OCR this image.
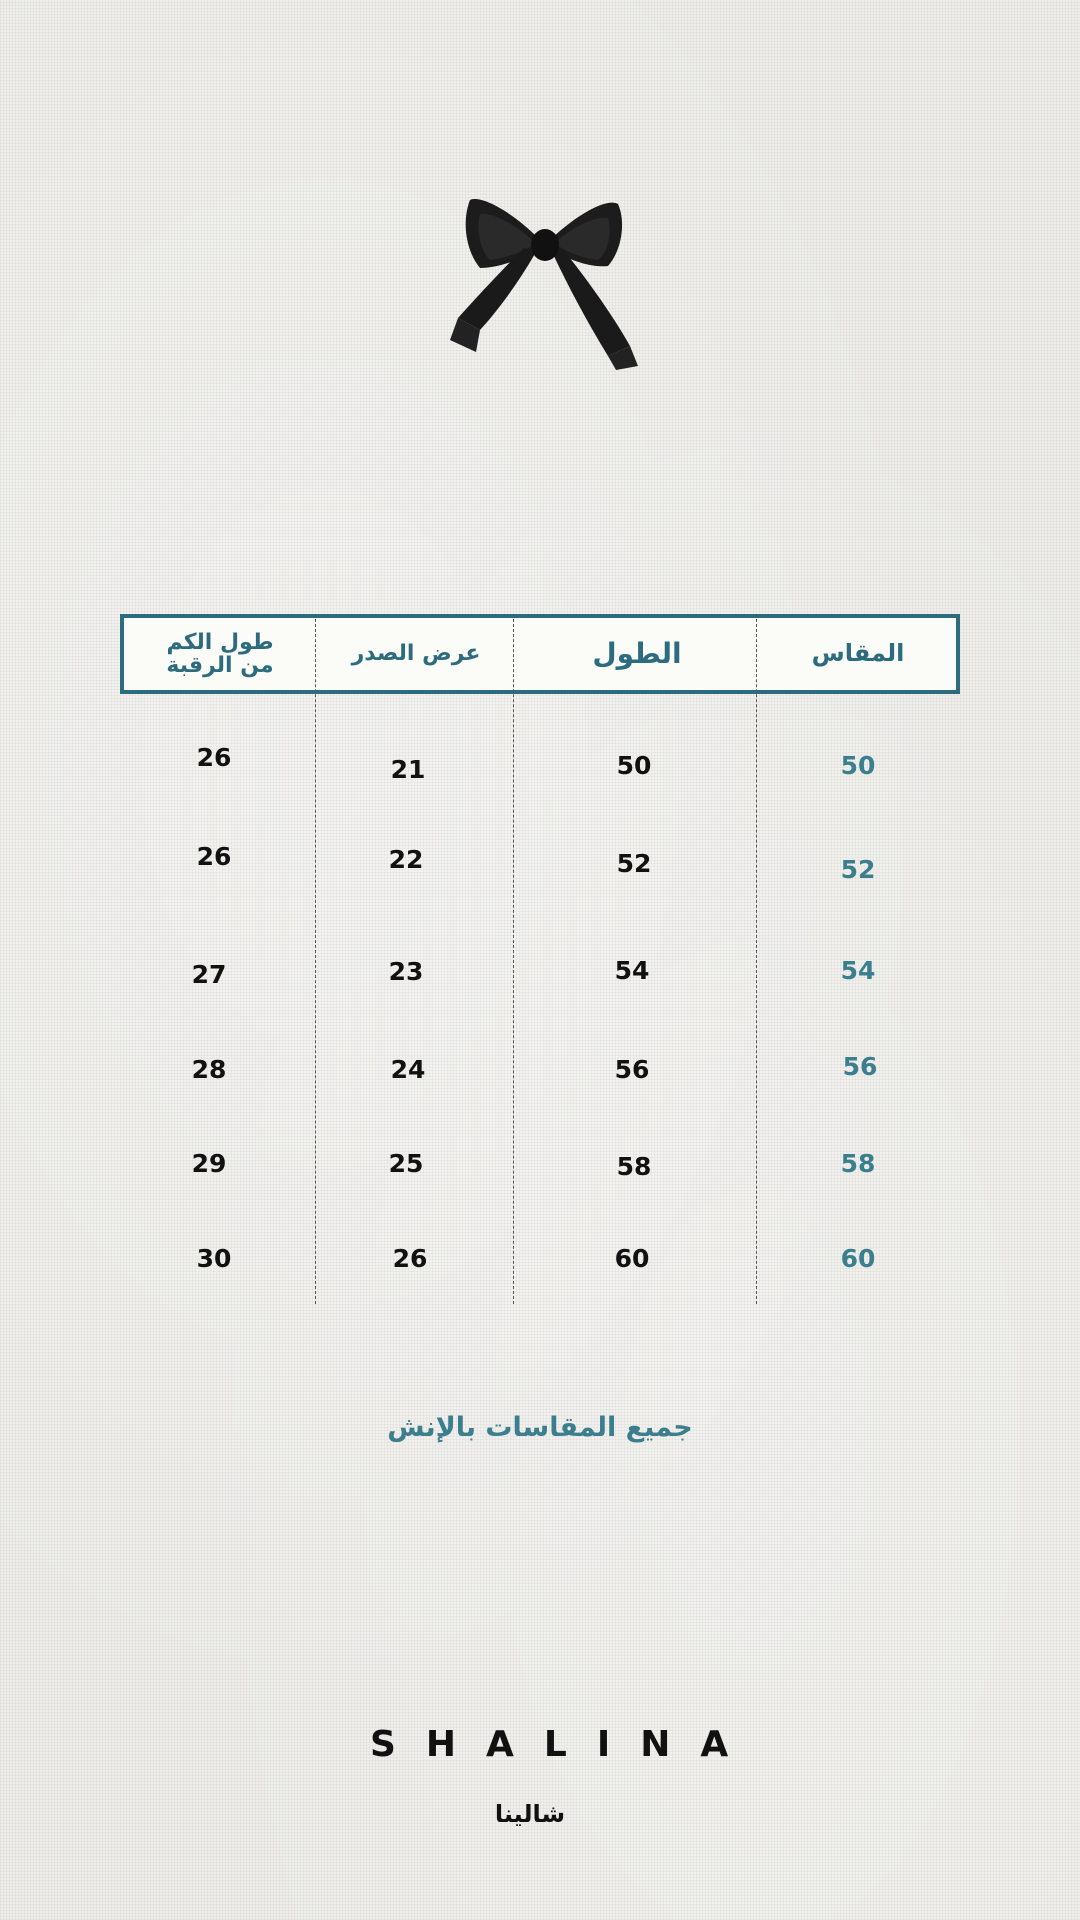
طول الكم
من الرقبة	عرض الصدر	الطول	المقاس
26	21	50	50
26	22	52	52
27	23	54	54
28	24	56	56
29	25	58	58
30	26	60	60
جميع المقاسات بالإنش
SHALINA
شالينا
